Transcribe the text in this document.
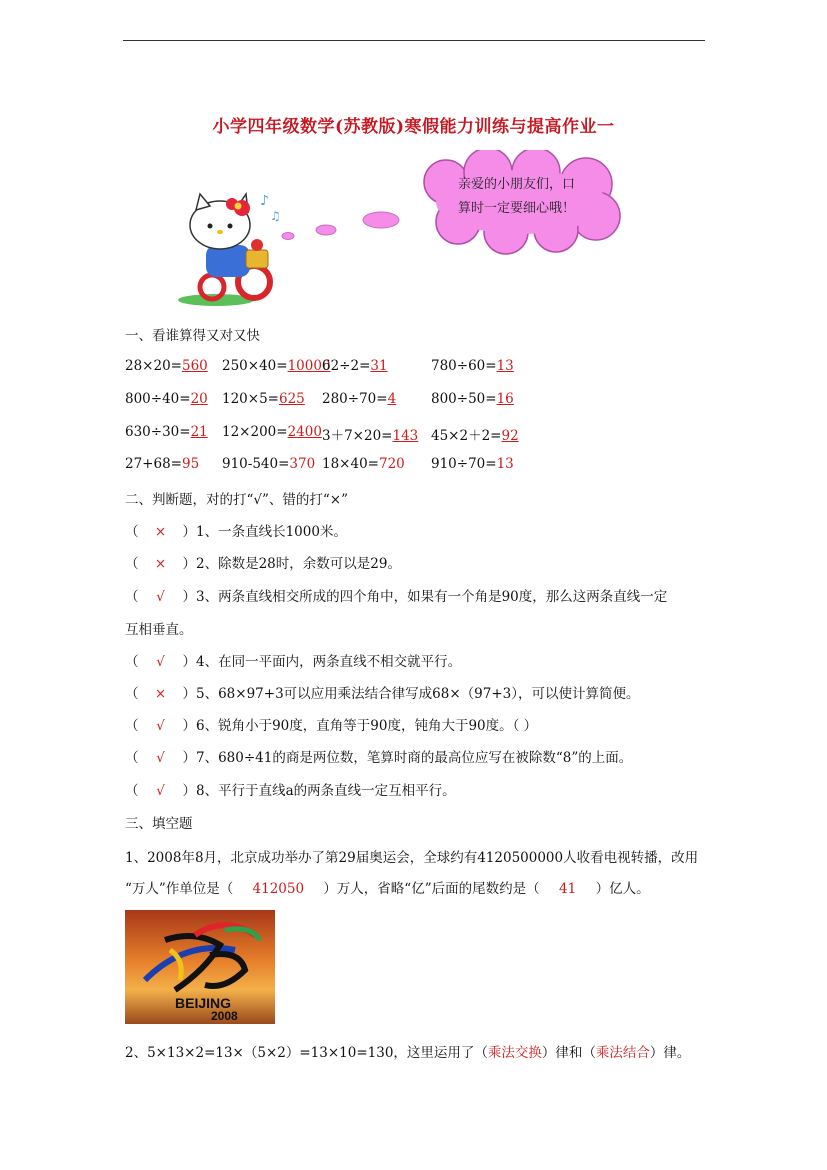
小学四年级数学(苏教版)寒假能力训练与提高作业一
♪
♫
亲爱的小朋友们，口
算时一定要细心哦！
一、看谁算得又对又快
28×20=560 250×40=10000
62÷2=31	780÷60=13
800÷40=20 120×5=625 280÷70=4	800÷50=16
630÷30=21 12×200=2400 3＋7×20=143 45×2＋2=92
27+68=95 910-540=370 18×40=720 910÷70=13
二、判断题，对的打“√”、错的打“×”
（ × ）1、一条直线长1000米。
（ × ）2、除数是28时，余数可以是29。
（ √ ）3、两条直线相交所成的四个角中，如果有一个角是90度，那么这两条直线一定
互相垂直。
（ √ ）4、在同一平面内，两条直线不相交就平行。
（ × ）5、68×97+3可以应用乘法结合律写成68×（97+3），可以使计算简便。
（ √ ）6、锐角小于90度，直角等于90度，钝角大于90度。（ ）
（ √ ）7、680÷41的商是两位数，笔算时商的最高位应写在被除数“8”的上面。
（ √ ）8、平行于直线a的两条直线一定互相平行。
三、填空题
1、2008年8月，北京成功举办了第29届奥运会，全球约有4120500000人收看电视转播，改用
“万人”作单位是（ 412050 ）万人，省略“亿”后面的尾数约是（ 41 ）亿人。
BEIJING
2008
2、5×13×2=13×（5×2）=13×10=130，这里运用了（乘法交换）律和（乘法结合）律。
